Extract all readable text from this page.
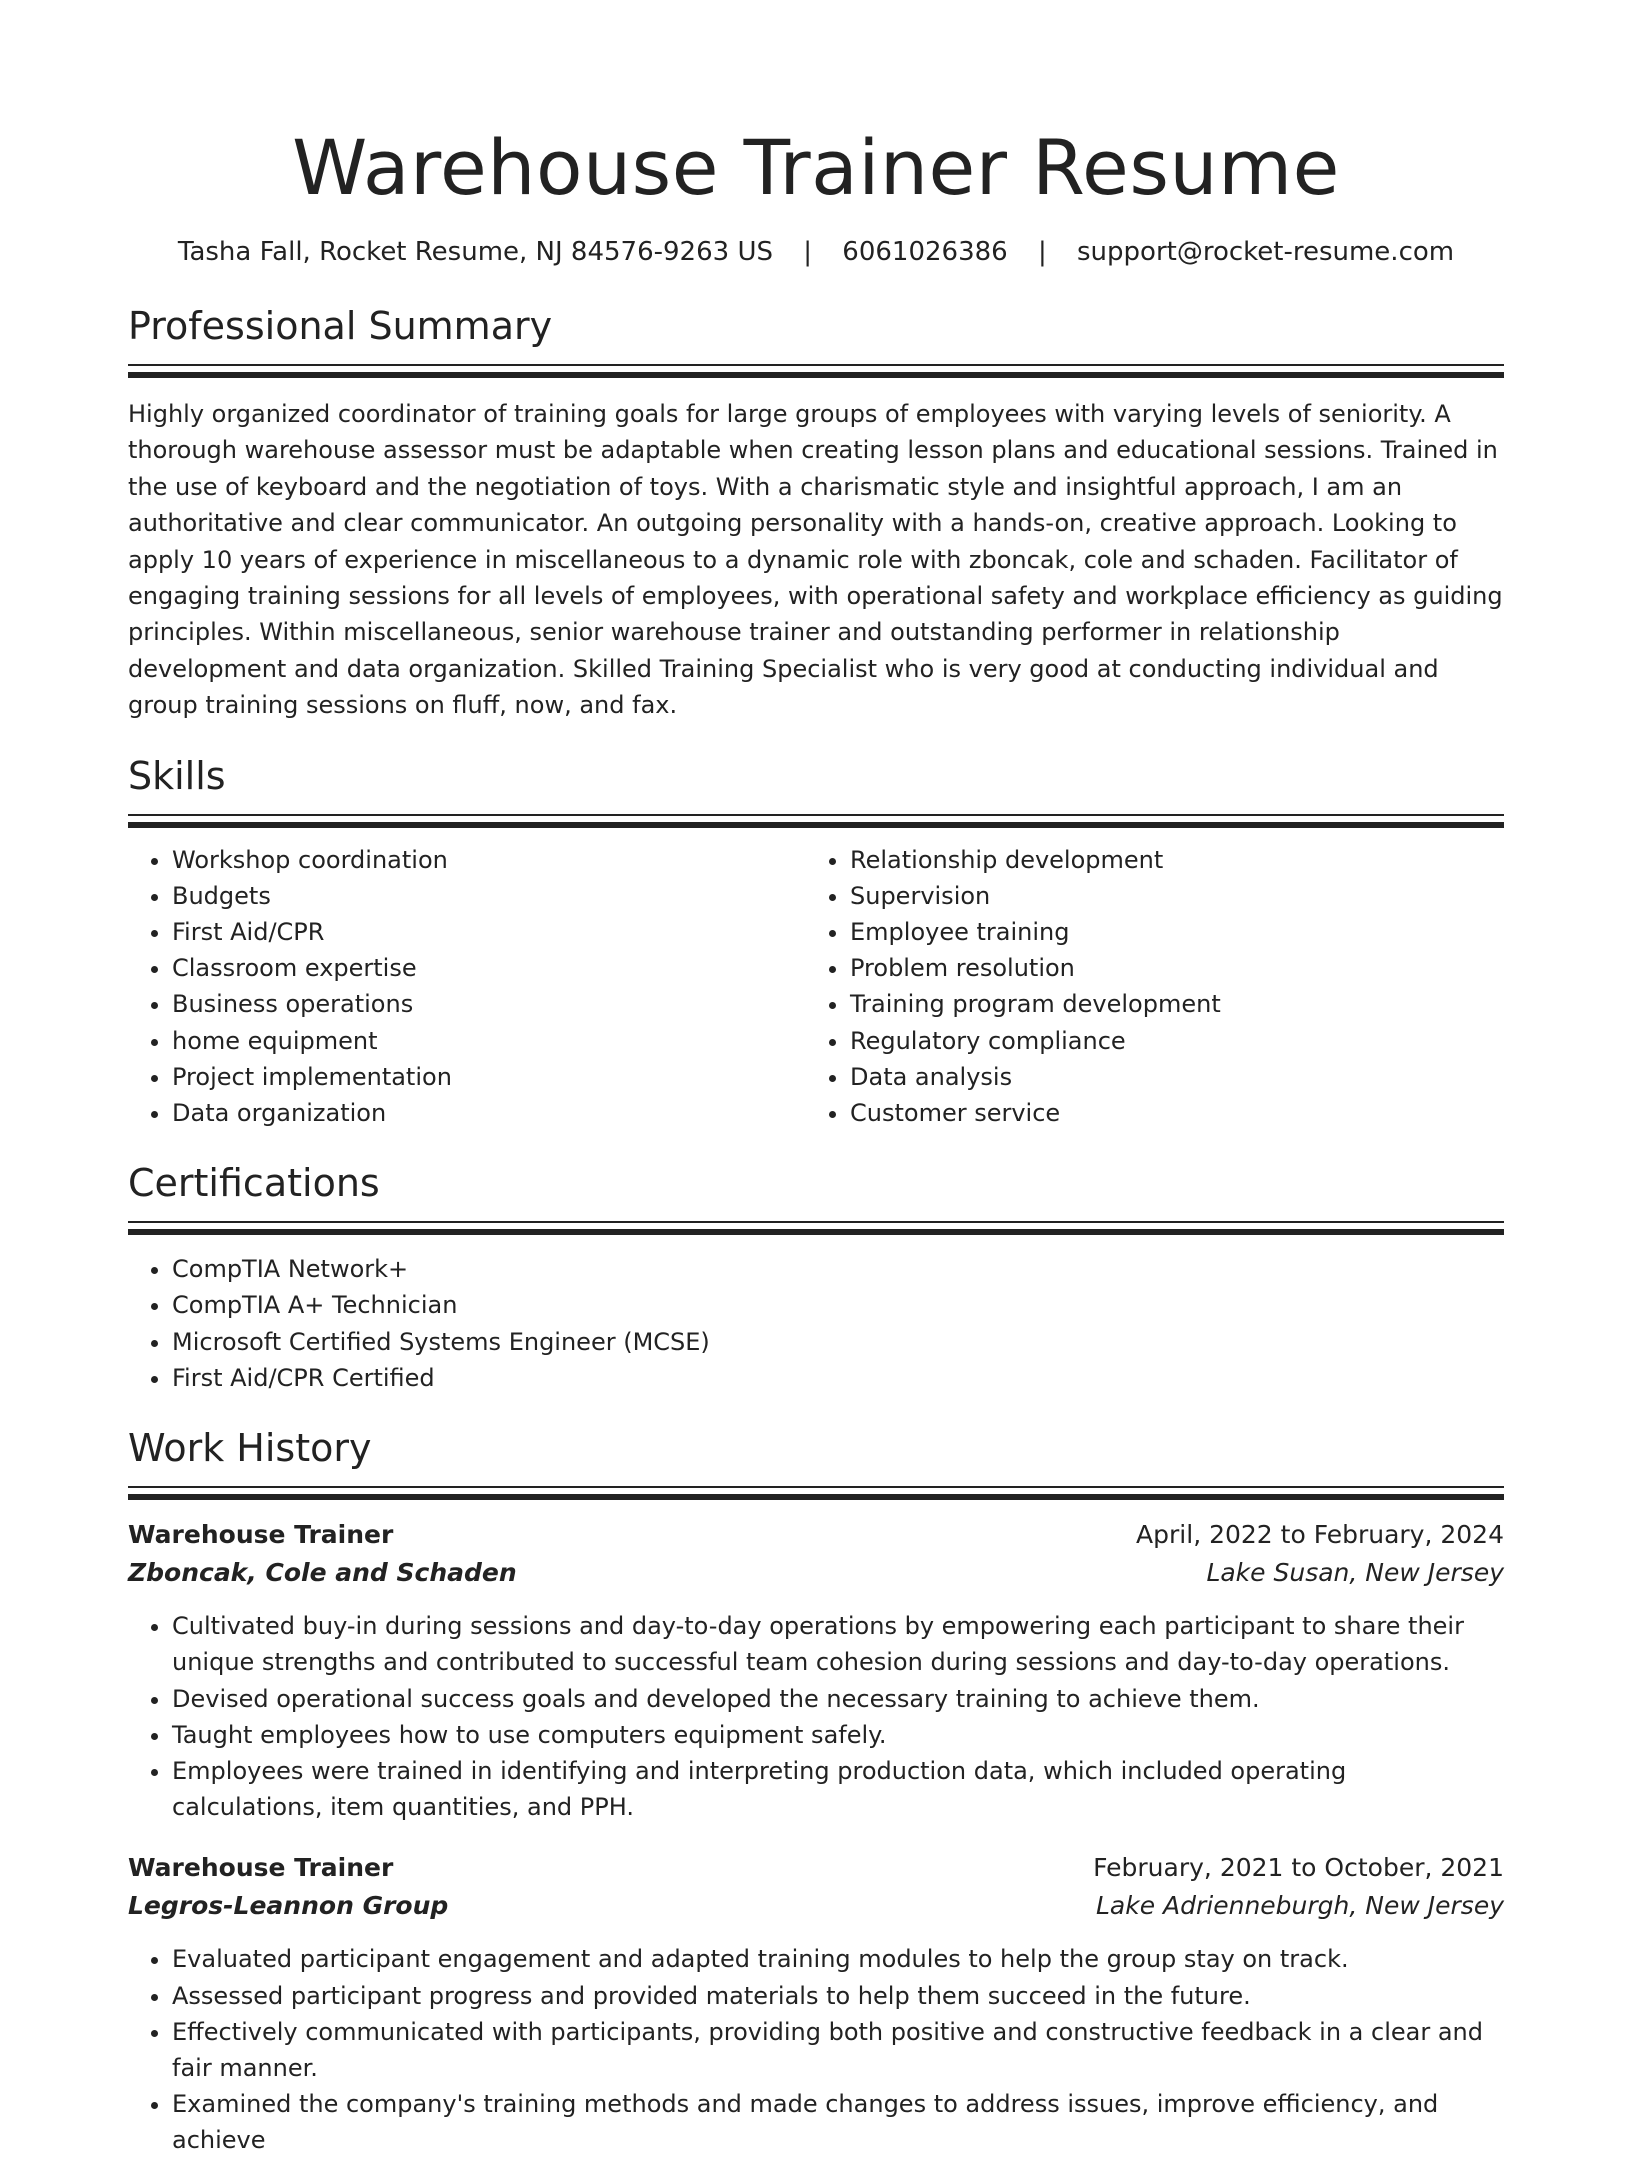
Warehouse Trainer Resume
Tasha Fall, Rocket Resume, NJ 84576-9263 US | 6061026386 | support@rocket-resume.com
Professional Summary

Highly organized coordinator of training goals for large groups of employees with varying levels of seniority. A thorough warehouse assessor must be adaptable when creating lesson plans and educational sessions. Trained in the use of keyboard and the negotiation of toys. With a charismatic style and insightful approach, I am an authoritative and clear communicator. An outgoing personality with a hands-on, creative approach. Looking to apply 10 years of experience in miscellaneous to a dynamic role with zboncak, cole and schaden. Facilitator of engaging training sessions for all levels of employees, with operational safety and workplace efficiency as guiding principles. Within miscellaneous, senior warehouse trainer and outstanding performer in relationship development and data organization. Skilled Training Specialist who is very good at conducting individual and group training sessions on fluff, now, and fax.

Skills
• Workshop coordination
• Budgets
• First Aid/CPR
• Classroom expertise
• Business operations
• home equipment
• Project implementation
• Data organization
• Relationship development
• Supervision
• Employee training
• Problem resolution
• Training program development
• Regulatory compliance
• Data analysis
• Customer service
Certifications
• CompTIA Network+
• CompTIA A+ Technician
• Microsoft Certified Systems Engineer (MCSE)
• First Aid/CPR Certified
Work History
Warehouse Trainer	April, 2022 to February, 2024
Zboncak, Cole and Schaden	Lake Susan, New Jersey
• Cultivated buy-in during sessions and day-to-day operations by empowering each participant to share their unique strengths and contributed to successful team cohesion during sessions and day-to-day operations.
• Devised operational success goals and developed the necessary training to achieve them.
• Taught employees how to use computers equipment safely.
• Employees were trained in identifying and interpreting production data, which included operating calculations, item quantities, and PPH.
Warehouse Trainer	February, 2021 to October, 2021
Legros-Leannon Group	Lake Adrienneburgh, New Jersey
• Evaluated participant engagement and adapted training modules to help the group stay on track.
• Assessed participant progress and provided materials to help them succeed in the future.
• Effectively communicated with participants, providing both positive and constructive feedback in a clear and fair manner.
• Examined the company's training methods and made changes to address issues, improve efficiency, and achieve
